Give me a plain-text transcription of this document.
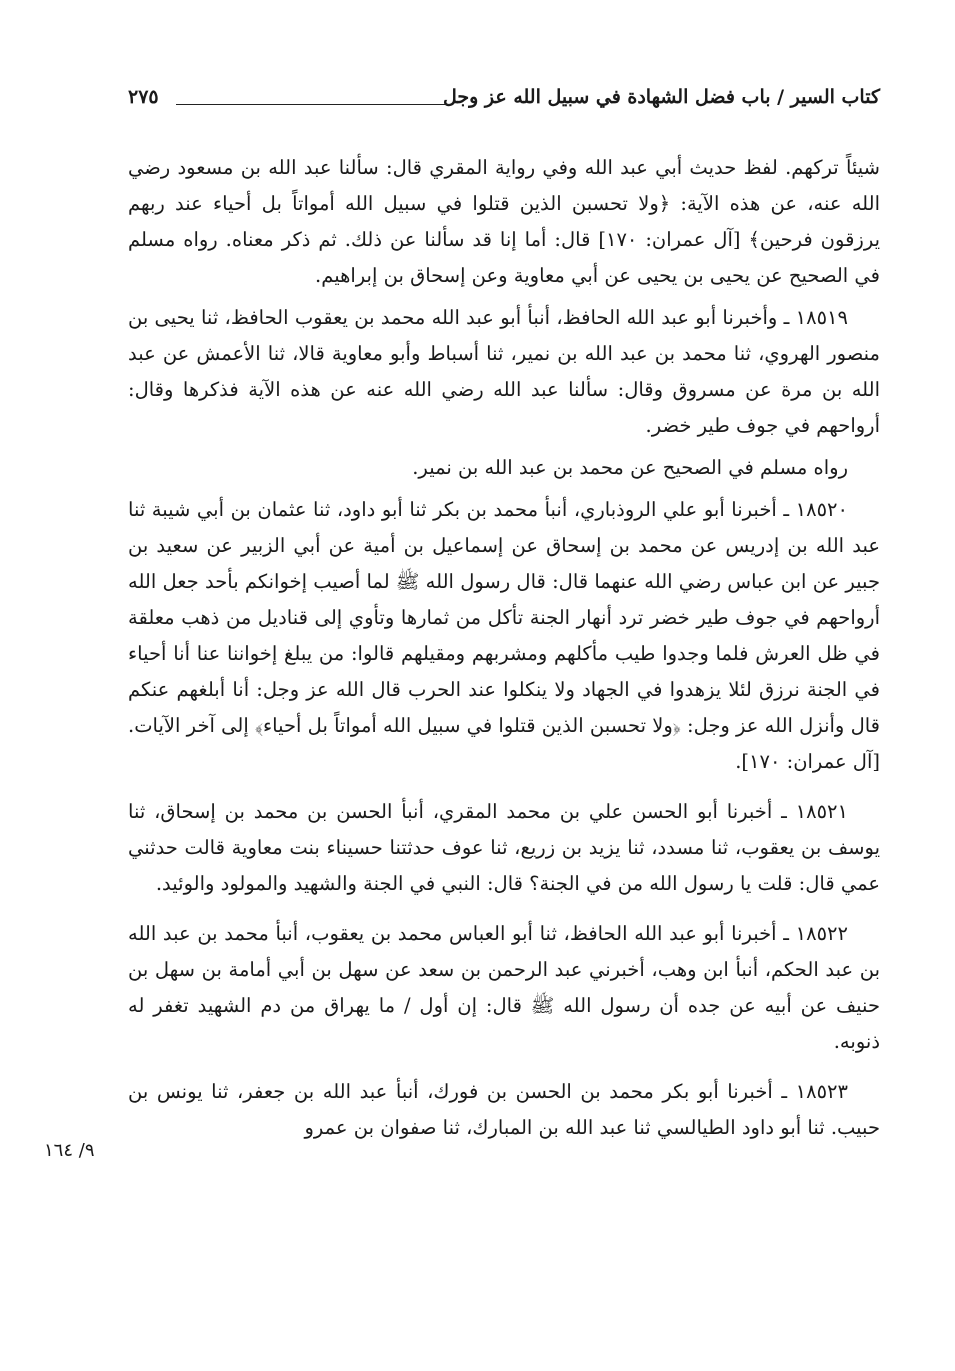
كتاب السير / باب فضل الشهادة في سبيل الله عز وجل
٢٧٥

شيئاً تركهم. لفظ حديث أبي عبد الله وفي رواية المقري قال: سألنا عبد الله بن مسعود رضي الله عنه، عن هذه الآية: ﴿ولا تحسبن الذين قتلوا في سبيل الله أمواتاً بل أحياء عند ربهم يرزقون فرحين﴾ [آل عمران: ١٧٠] قال: أما إنا قد سألنا عن ذلك. ثم ذكر معناه. رواه مسلم في الصحيح عن يحيى بن يحيى عن أبي معاوية وعن إسحاق بن إبراهيم.

١٨٥١٩ ـ وأخبرنا أبو عبد الله الحافظ، أنبأ أبو عبد الله محمد بن يعقوب الحافظ، ثنا يحيى بن منصور الهروي، ثنا محمد بن عبد الله بن نمير، ثنا أسباط وأبو معاوية قالا، ثنا الأعمش عن عبد الله بن مرة عن مسروق وقال: سألنا عبد الله رضي الله عنه عن هذه الآية فذكرها وقال: أرواحهم في جوف طير خضر.

رواه مسلم في الصحيح عن محمد بن عبد الله بن نمير.

١٨٥٢٠ ـ أخبرنا أبو علي الروذباري، أنبأ محمد بن بكر ثنا أبو داود، ثنا عثمان بن أبي شيبة ثنا عبد الله بن إدريس عن محمد بن إسحاق عن إسماعيل بن أمية عن أبي الزبير عن سعيد بن جبير عن ابن عباس رضي الله عنهما قال: قال رسول الله ﷺ لما أصيب إخوانكم بأحد جعل الله أرواحهم في جوف طير خضر ترد أنهار الجنة تأكل من ثمارها وتأوي إلى قناديل من ذهب معلقة في ظل العرش فلما وجدوا طيب مأكلهم ومشربهم ومقيلهم قالوا: من يبلغ إخواننا عنا أنا أحياء في الجنة نرزق لئلا يزهدوا في الجهاد ولا ينكلوا عند الحرب قال الله عز وجل: أنا أبلغهم عنكم قال وأنزل الله عز وجل: ﴿ولا تحسبن الذين قتلوا في سبيل الله أمواتاً بل أحياء﴾ إلى آخر الآيات. [آل عمران: ١٧٠].

١٨٥٢١ ـ أخبرنا أبو الحسن علي بن محمد المقري، أنبأ الحسن بن محمد بن إسحاق، ثنا يوسف بن يعقوب، ثنا مسدد، ثنا يزيد بن زريع، ثنا عوف حدثتنا حسيناء بنت معاوية قالت حدثني عمي قال: قلت يا رسول الله من في الجنة؟ قال: النبي في الجنة والشهيد والمولود والوئيد.

١٨٥٢٢ ـ أخبرنا أبو عبد الله الحافظ، ثنا أبو العباس محمد بن يعقوب، أنبأ محمد بن عبد الله بن عبد الحكم، أنبأ ابن وهب، أخبرني عبد الرحمن بن سعد عن سهل بن أبي أمامة بن سهل بن حنيف عن أبيه عن جده أن رسول الله ﷺ قال: إن أول / ما يهراق من دم الشهيد تغفر له ذنوبه.

١٨٥٢٣ ـ أخبرنا أبو بكر محمد بن الحسن بن فورك، أنبأ عبد الله بن جعفر، ثنا يونس بن حبيب. ثنا أبو داود الطيالسي ثنا عبد الله بن المبارك، ثنا صفوان بن عمرو

٩/ ١٦٤
